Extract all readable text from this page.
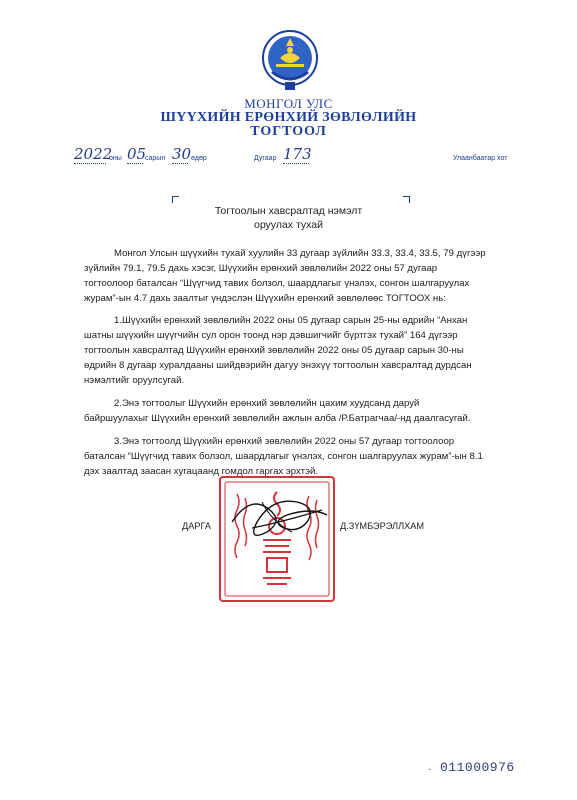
МОНГОЛ УЛС
ШҮҮХИЙН ЕРӨНХИЙ ЗӨВЛӨЛИЙН
ТОГТООЛ
2022
оны 05
сарын 30 өдөр	Дугаар 173	Улаанбаатар хот
Тогтоолын хавсралтад нэмэлт
оруулах тухай
Монгол Улсын шүүхийн тухай хуулийн 33 дугаар зүйлийн 33.3, 33.4, 33.5, 79 дүгээр
зүйлийн 79.1, 79.5 дахь хэсэг, Шүүхийн ерөнхий зөвлөлийн 2022 оны 57 дугаар
тогтоолоор баталсан “Шүүгчид тавих болзол, шаардлагыг үнэлэх, сонгон шалгаруулах
журам”-ын 4.7 дахь заалтыг үндэслэн Шүүхийн ерөнхий зөвлөлөөс ТОГТООХ нь:
1.Шүүхийн ерөнхий зөвлөлийн 2022 оны 05 дугаар сарын 25-ны өдрийн “Анхан
шатны шүүхийн шүүгчийн сул орон тоонд нэр дэвшигчийг бүртгэх тухай” 164 дүгээр
тогтоолын хавсралтад Шүүхийн ерөнхий зөвлөлийн 2022 оны 05 дугаар сарын 30-ны
өдрийн 8 дугаар хуралдааны шийдвэрийн дагуу энэхүү тогтоолын хавсралтад дурдсан
нэмэлтийг оруулсугай.
2.Энэ тогтоолыг Шүүхийн ерөнхий зөвлөлийн цахим хуудсанд даруй
байршуулахыг Шүүхийн ерөнхий зөвлөлийн ажлын алба /Р.Батрагчаа/-нд даалгасугай.
3.Энэ тогтоолд Шүүхийн ерөнхий зөвлөлийн 2022 оны 57 дугаар тогтоолоор
баталсан “Шүүгчид тавих болзол, шаардлагыг үнэлэх, сонгон шалгаруулах журам”-ын 8.1
дэх заалтад заасан хугацаанд гомдол гаргах эрхтэй.
ДАРГА	Д.ЗҮМБЭРЭЛЛХАМ
· 011000976
